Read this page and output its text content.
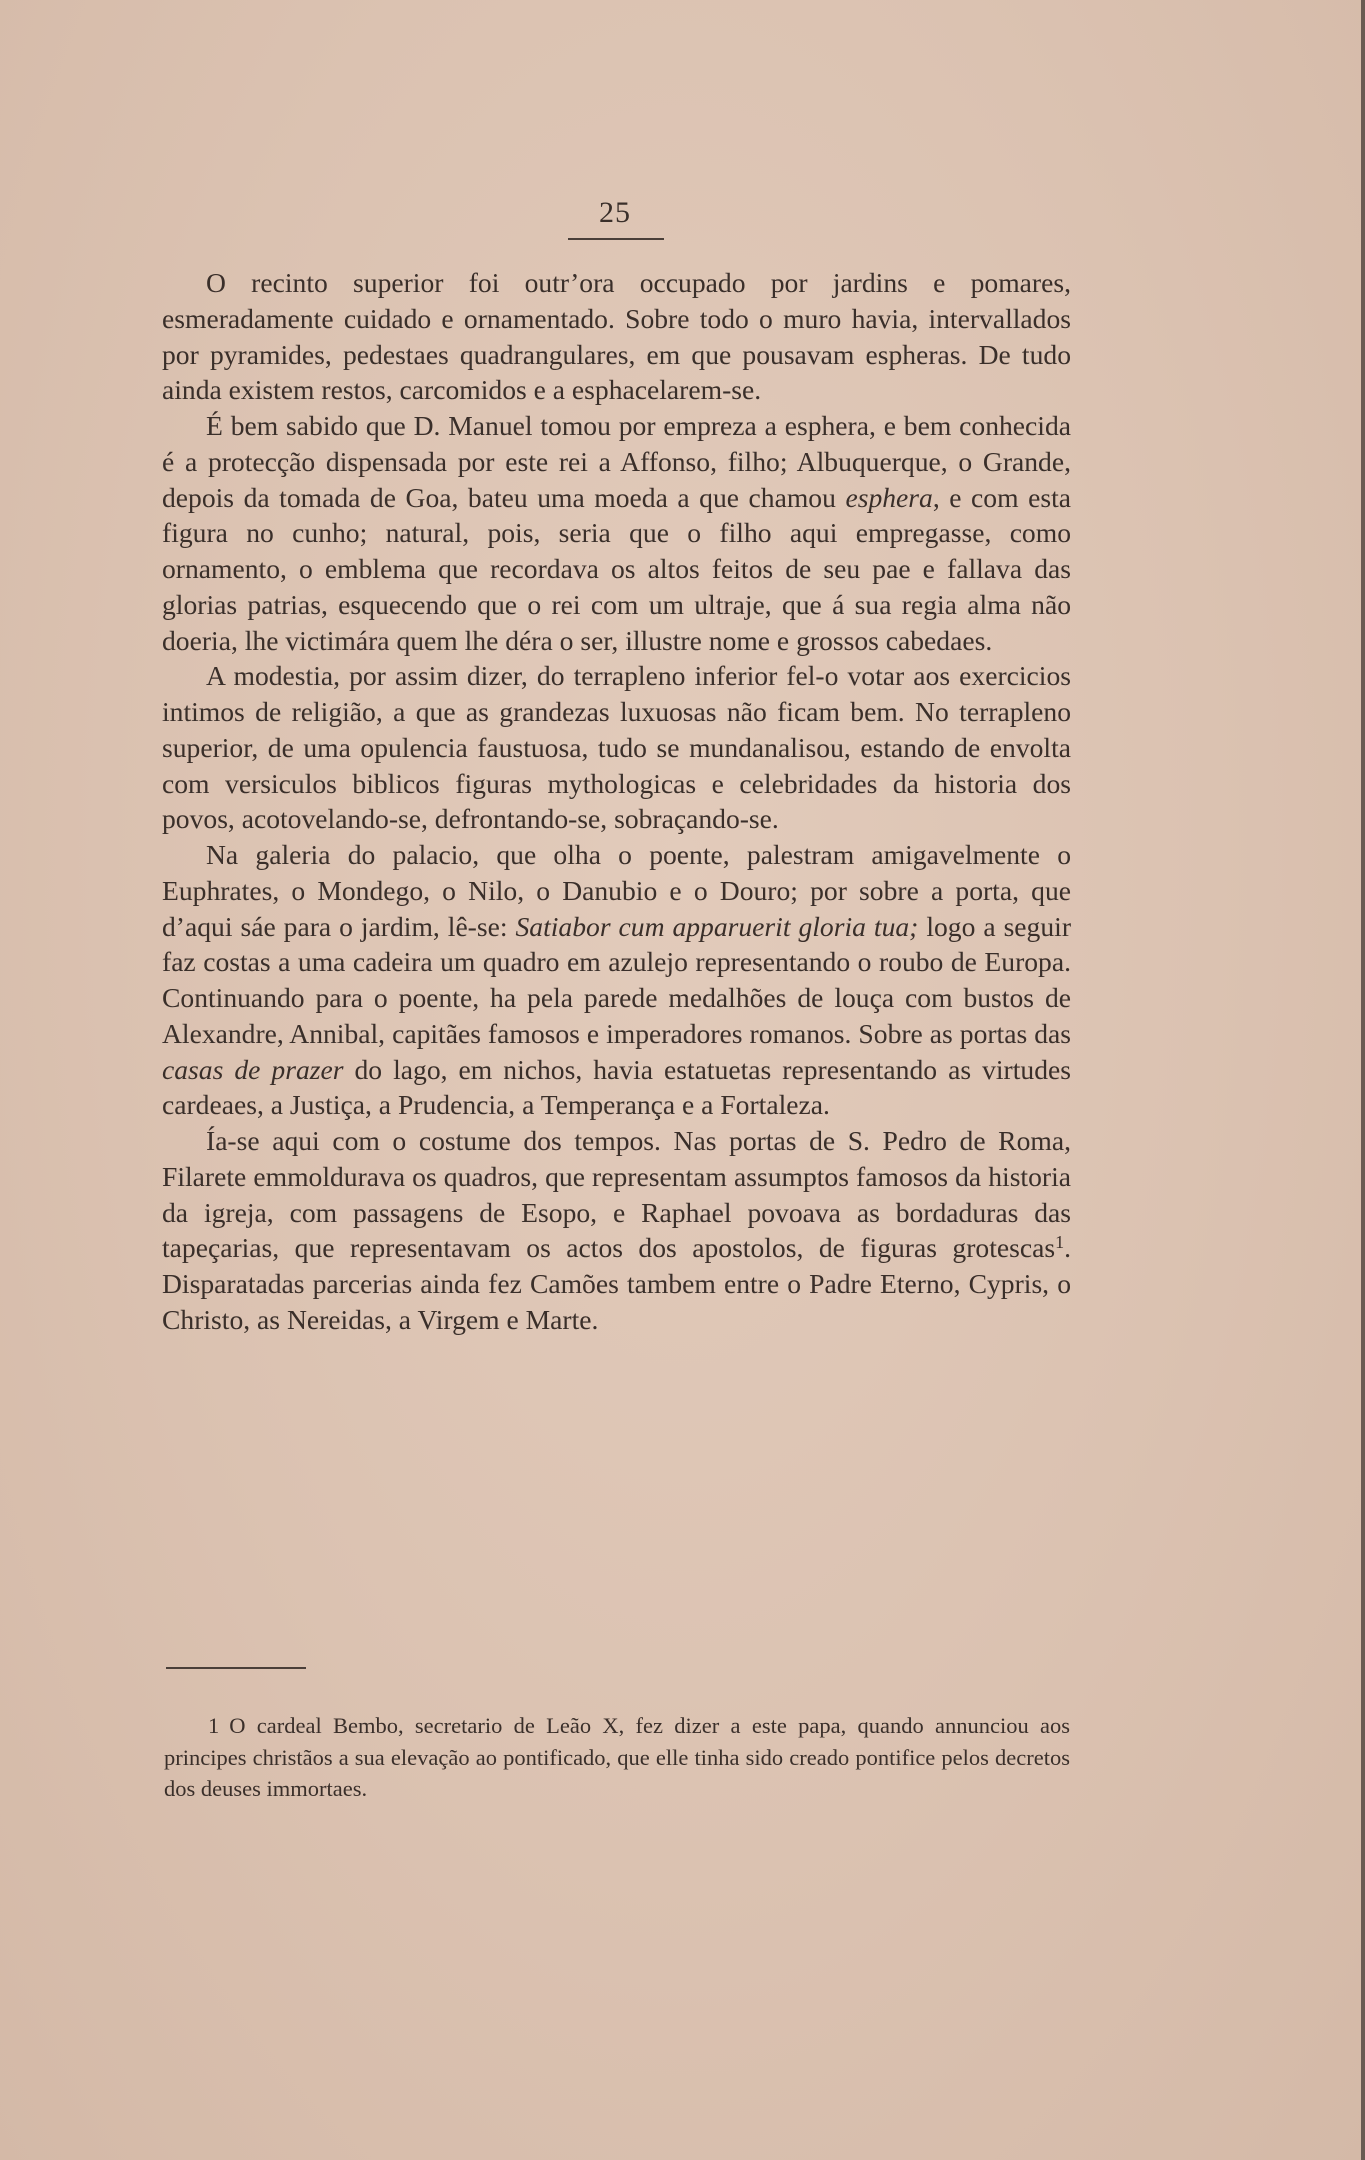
25

O recinto superior foi outr’ora occupado por jardins e pomares, esmeradamente cuidado e ornamentado. Sobre todo o muro havia, intervallados por pyramides, pedestaes quadrangulares, em que pousavam espheras. De tudo ainda existem restos, carcomidos e a esphacelarem-se.

É bem sabido que D. Manuel tomou por empreza a esphera, e bem conhecida é a protecção dispensada por este rei a Affonso, filho; Albuquerque, o Grande, depois da tomada de Goa, bateu uma moeda a que chamou esphera, e com esta figura no cunho; natural, pois, seria que o filho aqui empregasse, como ornamento, o emblema que recordava os altos feitos de seu pae e fallava das glorias patrias, esquecendo que o rei com um ultraje, que á sua regia alma não doeria, lhe victimára quem lhe déra o ser, illustre nome e grossos cabedaes.

A modestia, por assim dizer, do terrapleno inferior fel-o votar aos exercicios intimos de religião, a que as grandezas luxuosas não ficam bem. No terrapleno superior, de uma opulencia faustuosa, tudo se mundanalisou, estando de envolta com versiculos biblicos figuras mythologicas e celebridades da historia dos povos, acotovelando-se, defrontando-se, sobraçando-se.

Na galeria do palacio, que olha o poente, palestram amigavelmente o Euphrates, o Mondego, o Nilo, o Danubio e o Douro; por sobre a porta, que d’aqui sáe para o jardim, lê-se: Satiabor cum apparuerit gloria tua; logo a seguir faz costas a uma cadeira um quadro em azulejo representando o roubo de Europa. Continuando para o poente, ha pela parede medalhões de louça com bustos de Alexandre, Annibal, capitães famosos e imperadores romanos. Sobre as portas das casas de prazer do lago, em nichos, havia estatuetas representando as virtudes cardeaes, a Justiça, a Prudencia, a Temperança e a Fortaleza.

Ía-se aqui com o costume dos tempos. Nas portas de S. Pedro de Roma, Filarete emmoldurava os quadros, que representam assumptos famosos da historia da igreja, com passagens de Esopo, e Raphael povoava as bordaduras das tapeçarias, que representavam os actos dos apostolos, de figuras grotescas$^1$. Disparatadas parcerias ainda fez Camões tambem entre o Padre Eterno, Cypris, o Christo, as Nereidas, a Virgem e Marte.

1 O cardeal Bembo, secretario de Leão X, fez dizer a este papa, quando annunciou aos principes christãos a sua elevação ao pontificado, que elle tinha sido creado pontifice pelos decretos dos deuses immortaes.
